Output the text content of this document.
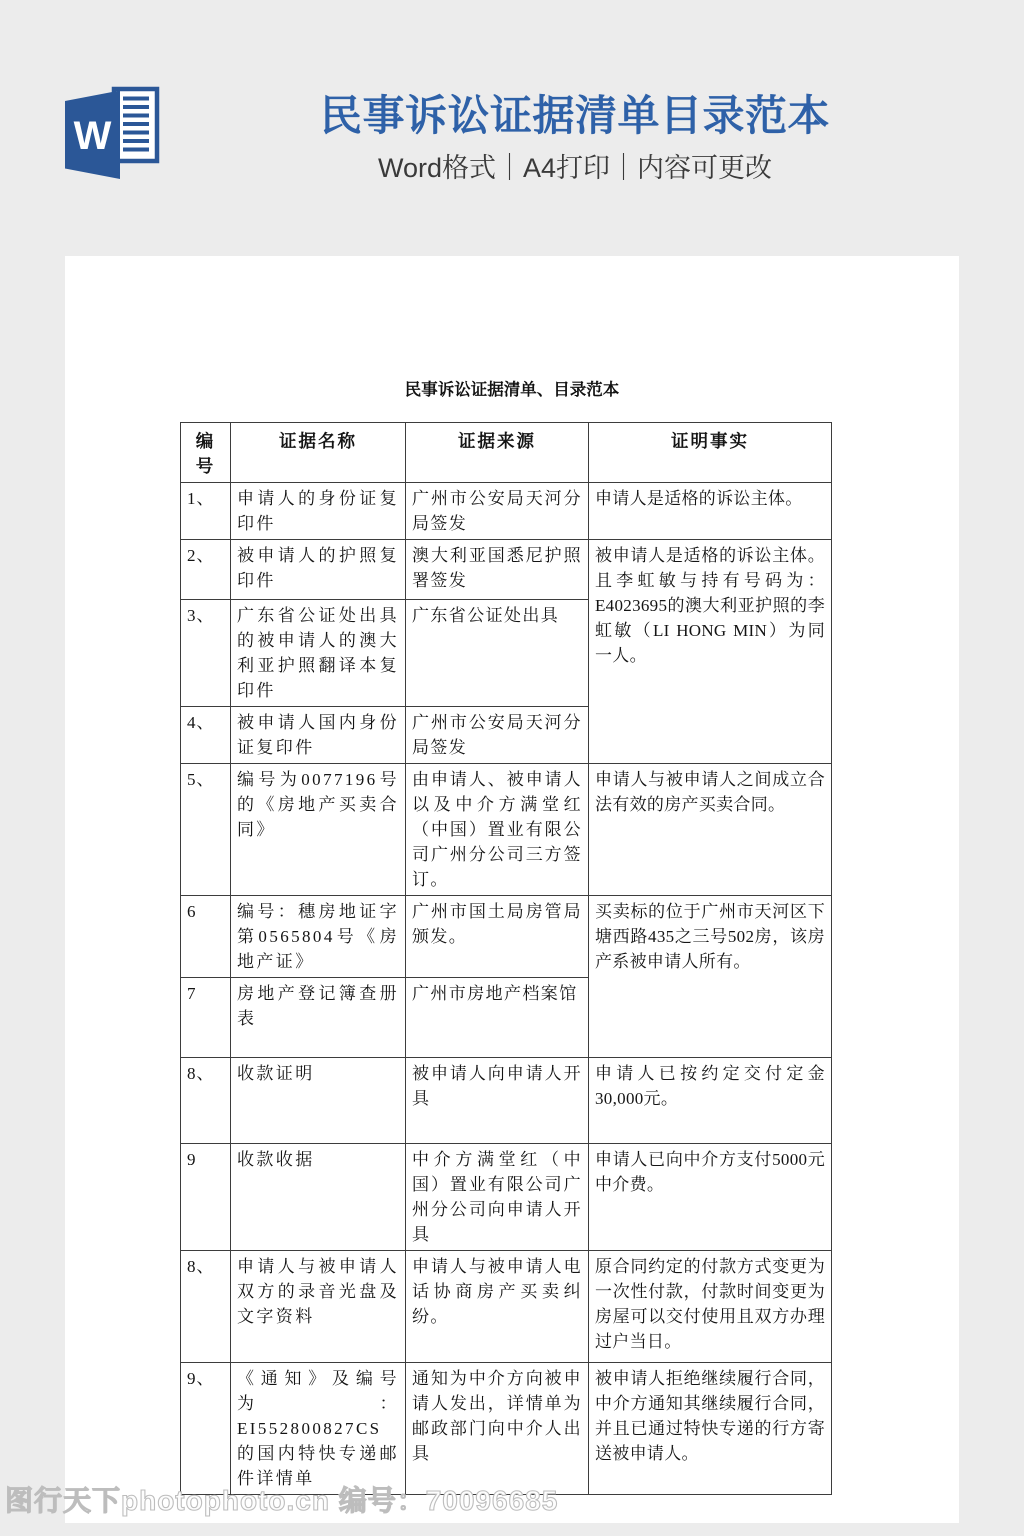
W	民事诉讼证据清单目录范本

Word格式｜A4打印｜内容可更改

民事诉讼证据清单、目录范本
编号	证据名称	证据来源	证明事实
1、	申请人的身份证复印件	广州市公安局天河分局签发	申请人是适格的诉讼主体。
2、	被申请人的护照复印件	澳大利亚国悉尼护照署签发	被申请人是适格的诉讼主体。且李虹敏与持有号码为：E4023695的澳大利亚护照的李虹敏（LI HONG MIN）为同一人。
3、	广东省公证处出具的被申请人的澳大利亚护照翻译本复印件	广东省公证处出具	
4、	被申请人国内身份证复印件	广州市公安局天河分局签发	
5、	编号为0077196号的《房地产买卖合同》	由申请人、被申请人以及中介方满堂红（中国）置业有限公司广州分公司三方签订。	申请人与被申请人之间成立合法有效的房产买卖合同。
6	编号：穗房地证字第0565804号《房地产证》	广州市国土局房管局颁发。	买卖标的位于广州市天河区下塘西路435之三号502房，该房产系被申请人所有。
7	房地产登记簿查册表	广州市房地产档案馆	
8、	收款证明	被申请人向申请人开具	申请人已按约定交付定金30,000元。
9	收款收据	中介方满堂红（中国）置业有限公司广州分公司向申请人开具	申请人已向中介方支付5000元中介费。
8、	申请人与被申请人双方的录音光盘及文字资料	申请人与被申请人电话协商房产买卖纠纷。	原合同约定的付款方式变更为一次性付款，付款时间变更为房屋可以交付使用且双方办理过户当日。
9、	《通知》及编号为：EI552800827CS 的国内特快专递邮件详情单	通知为中介方向被申请人发出，详情单为邮政部门向中介人出具	被申请人拒绝继续履行合同，中介方通知其继续履行合同，并且已通过特快专递的行方寄送被申请人。
图行天下photophoto.cn 编号：70096685
